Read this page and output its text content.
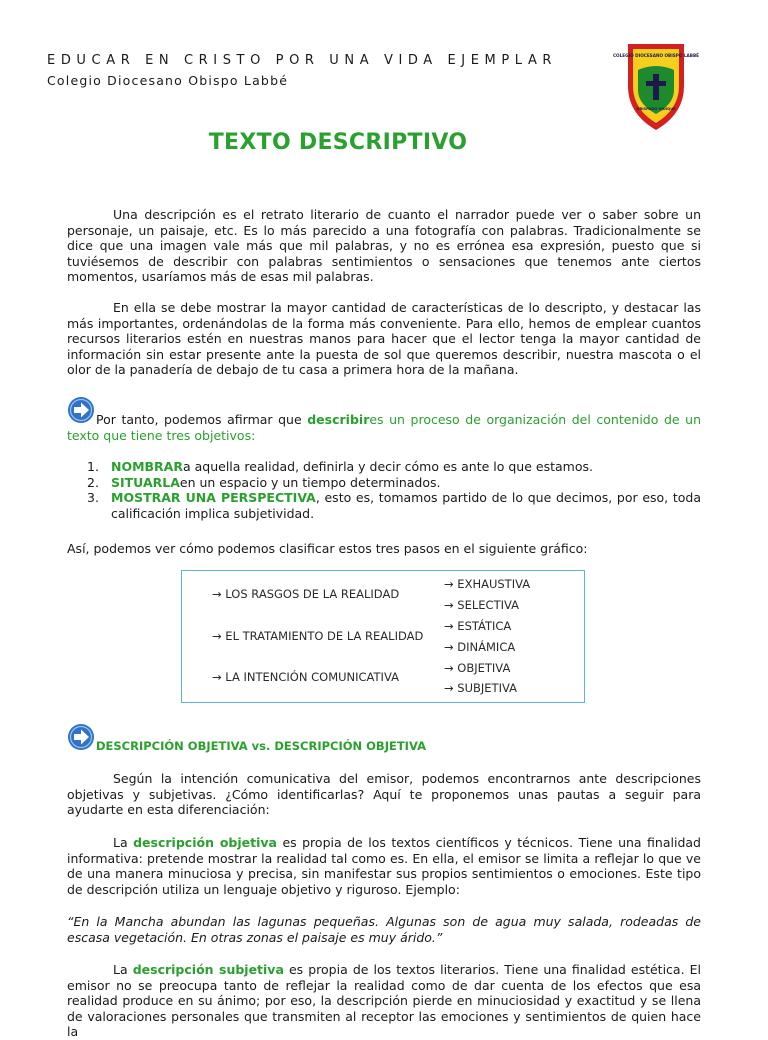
EDUCAR EN CRISTO POR UNA VIDA EJEMPLAR
Colegio Diocesano Obispo Labbé
COLEGIO DIOCESANO OBISPO LABBÉ
OBISPADO IQUIQUE
TEXTO DESCRIPTIVO

Una descripción es el retrato literario de cuanto el narrador puede ver o saber sobre un personaje, un paisaje, etc. Es lo más parecido a una fotografía con palabras. Tradicionalmente se dice que una imagen vale más que mil palabras, y no es errónea esa expresión, puesto que si tuviésemos de describir con palabras sentimientos o sensaciones que tenemos ante ciertos momentos, usaríamos más de esas mil palabras.

En ella se debe mostrar la mayor cantidad de características de lo descripto, y destacar las más importantes, ordenándolas de la forma más conveniente. Para ello, hemos de emplear cuantos recursos literarios estén en nuestras manos para hacer que el lector tenga la mayor cantidad de información sin estar presente ante la puesta de sol que queremos describir, nuestra mascota o el olor de la panadería de debajo de tu casa a primera hora de la mañana.

Por tanto, podemos afirmar que describires un proceso de organización del contenido de un texto que tiene tres objetivos:

1. NOMBRARa aquella realidad, definirla y decir cómo es ante lo que estamos.
2. SITUARLAen un espacio y un tiempo determinados.
3. MOSTRAR UNA PERSPECTIVA, esto es, tomamos partido de lo que decimos, por eso, toda calificación implica subjetividad.

Así, podemos ver cómo podemos clasificar estos tres pasos en el siguiente gráfico:

→ LOS RASGOS DE LA REALIDAD
→ EXHAUSTIVA
→ SELECTIVA
→ EL TRATAMIENTO DE LA REALIDAD
→ ESTÁTICA
→ DINÁMICA
→ LA INTENCIÓN COMUNICATIVA
→ OBJETIVA
→ SUBJETIVA
DESCRIPCIÓN OBJETIVA vs. DESCRIPCIÓN OBJETIVA

Según la intención comunicativa del emisor, podemos encontrarnos ante descripciones objetivas y subjetivas. ¿Cómo identificarlas? Aquí te proponemos unas pautas a seguir para ayudarte en esta diferenciación:

La descripción objetiva es propia de los textos científicos y técnicos. Tiene una finalidad informativa: pretende mostrar la realidad tal como es. En ella, el emisor se limita a reflejar lo que ve de una manera minuciosa y precisa, sin manifestar sus propios sentimientos o emociones. Este tipo de descripción utiliza un lenguaje objetivo y riguroso. Ejemplo:

“En la Mancha abundan las lagunas pequeñas. Algunas son de agua muy salada, rodeadas de escasa vegetación. En otras zonas el paisaje es muy árido.”

La descripción subjetiva es propia de los textos literarios. Tiene una finalidad estética. El emisor no se preocupa tanto de reflejar la realidad como de dar cuenta de los efectos que esa realidad produce en su ánimo; por eso, la descripción pierde en minuciosidad y exactitud y se llena de valoraciones personales que transmiten al receptor las emociones y sentimientos de quien hace la
